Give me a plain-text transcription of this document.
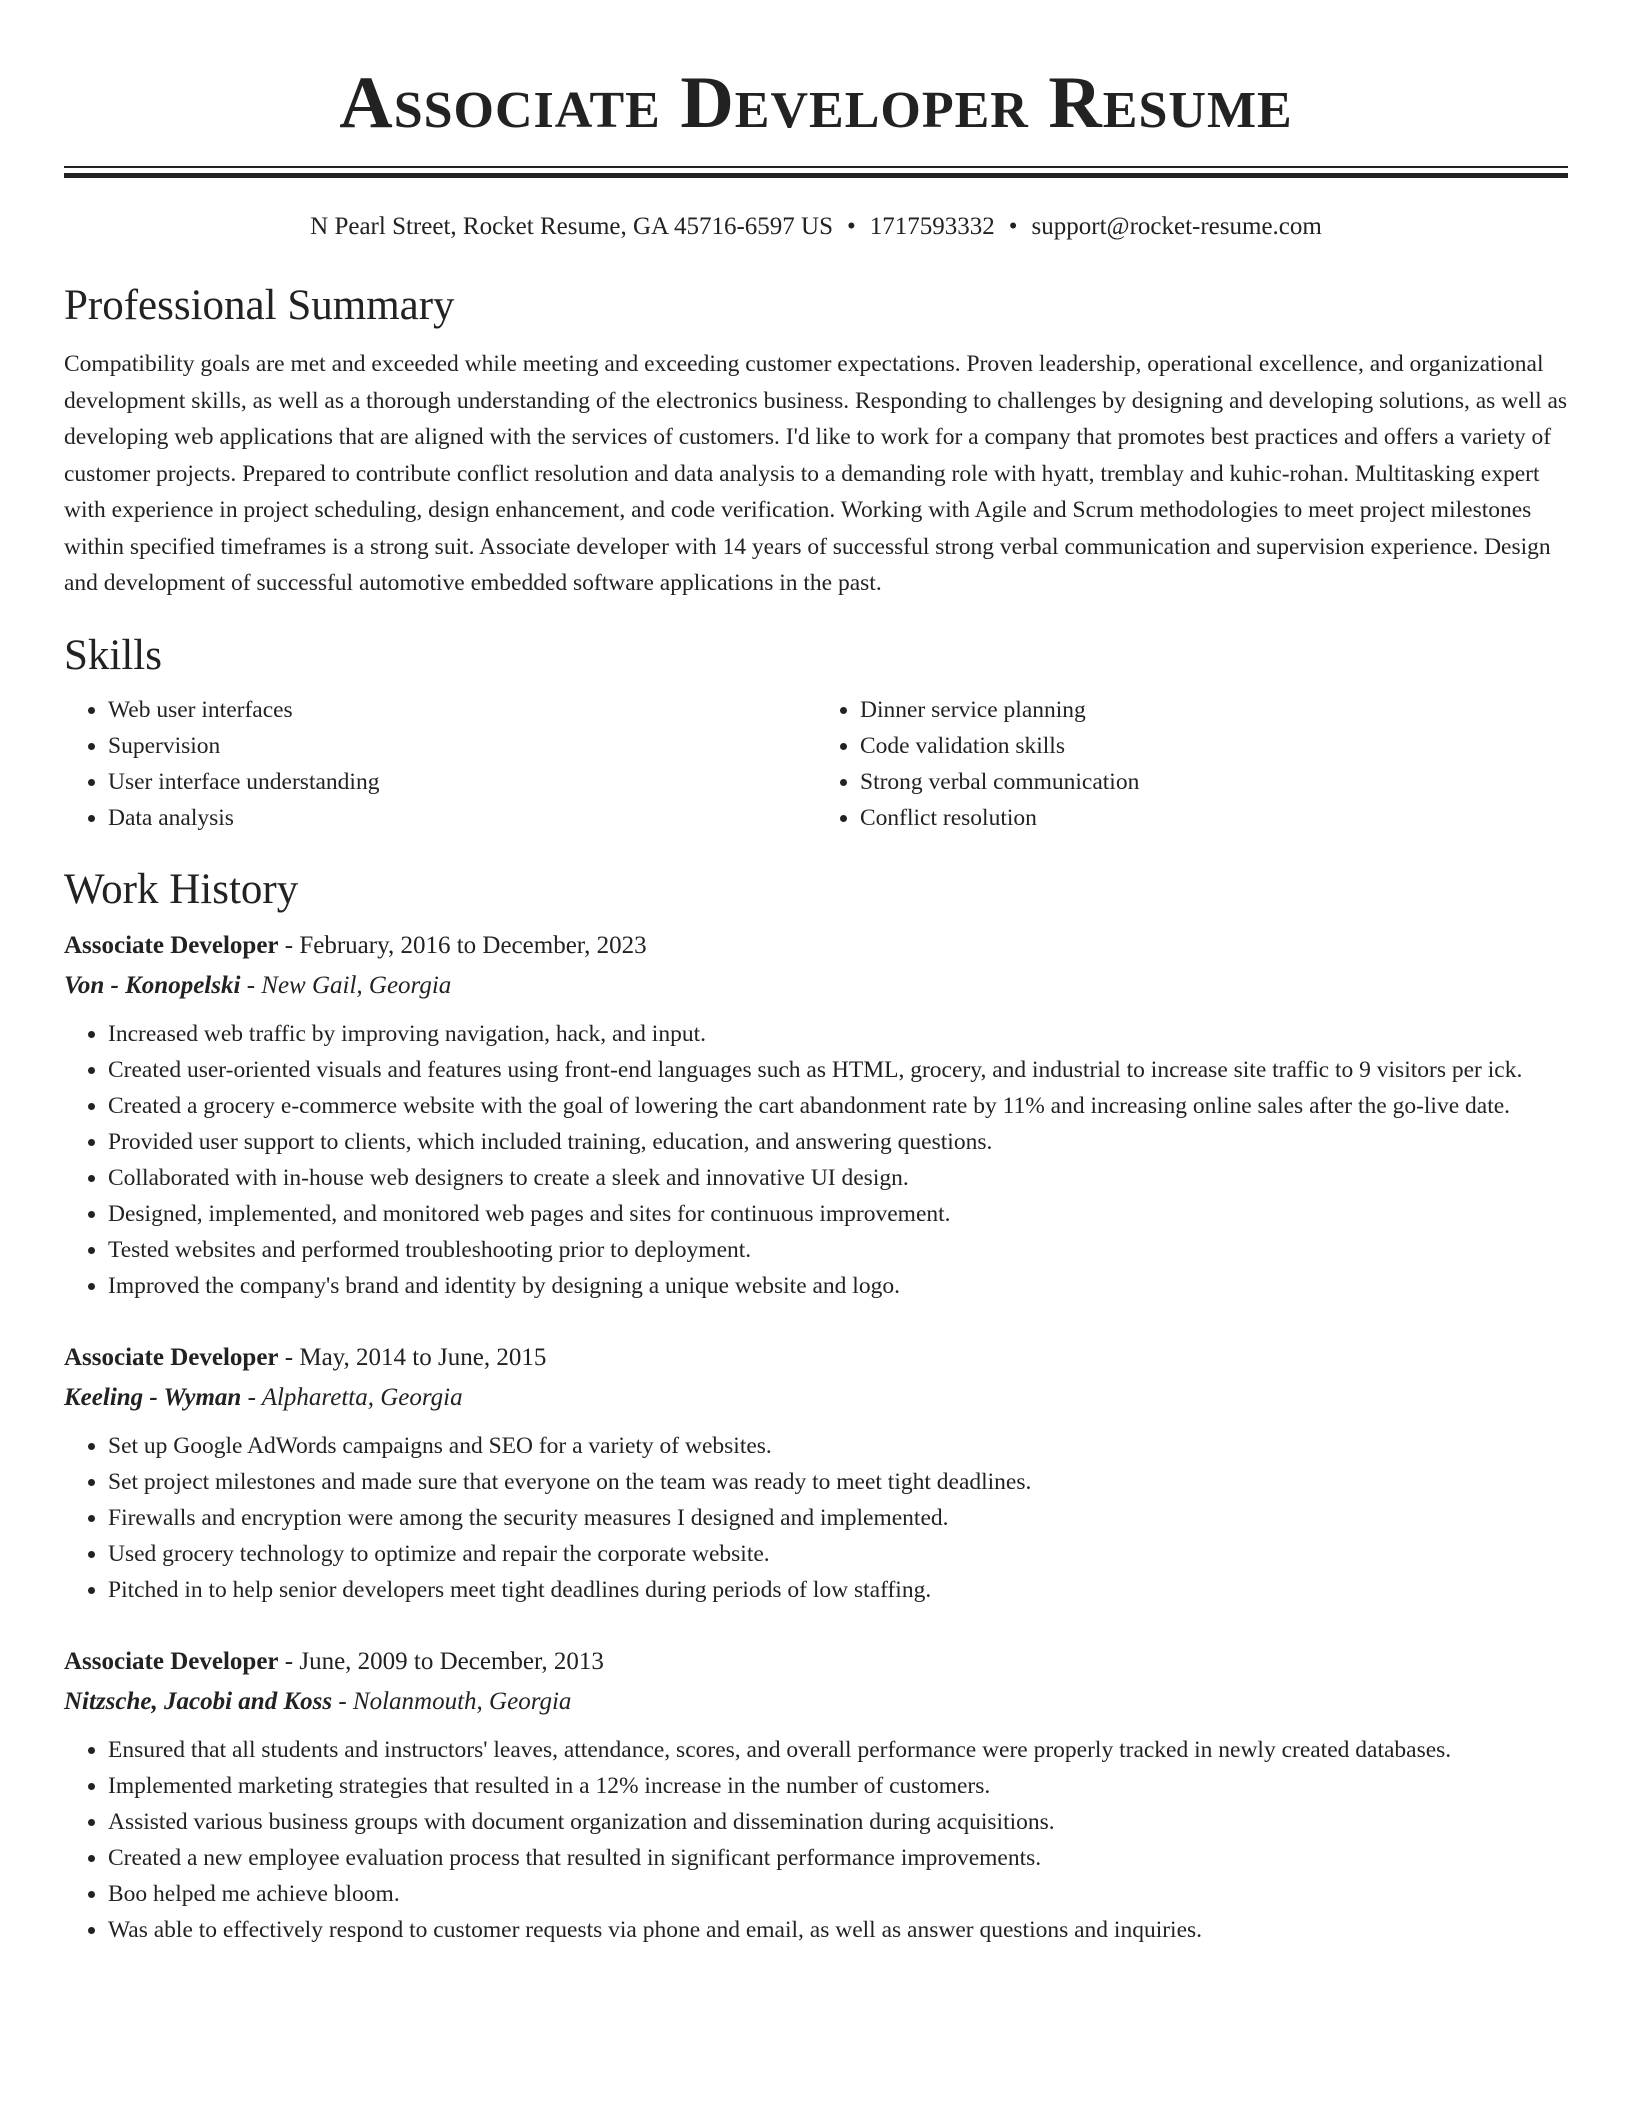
Associate Developer Resume
N Pearl Street, Rocket Resume, GA 45716-6597 US • 1717593332 • support@rocket-resume.com
Professional Summary

Compatibility goals are met and exceeded while meeting and exceeding customer expectations. Proven leadership, operational excellence, and organizational development skills, as well as a thorough understanding of the electronics business. Responding to challenges by designing and developing solutions, as well as developing web applications that are aligned with the services of customers. I'd like to work for a company that promotes best practices and offers a variety of customer projects. Prepared to contribute conflict resolution and data analysis to a demanding role with hyatt, tremblay and kuhic-rohan. Multitasking expert with experience in project scheduling, design enhancement, and code verification. Working with Agile and Scrum methodologies to meet project milestones within specified timeframes is a strong suit. Associate developer with 14 years of successful strong verbal communication and supervision experience. Design and development of successful automotive embedded software applications in the past.

Skills
• Web user interfaces
• Supervision
• User interface understanding
• Data analysis
• Dinner service planning
• Code validation skills
• Strong verbal communication
• Conflict resolution
Work History
Associate Developer - February, 2016 to December, 2023
Von - Konopelski - New Gail, Georgia
• Increased web traffic by improving navigation, hack, and input.
• Created user-oriented visuals and features using front-end languages such as HTML, grocery, and industrial to increase site traffic to 9 visitors per ick.
• Created a grocery e-commerce website with the goal of lowering the cart abandonment rate by 11% and increasing online sales after the go-live date.
• Provided user support to clients, which included training, education, and answering questions.
• Collaborated with in-house web designers to create a sleek and innovative UI design.
• Designed, implemented, and monitored web pages and sites for continuous improvement.
• Tested websites and performed troubleshooting prior to deployment.
• Improved the company's brand and identity by designing a unique website and logo.
Associate Developer - May, 2014 to June, 2015
Keeling - Wyman - Alpharetta, Georgia
• Set up Google AdWords campaigns and SEO for a variety of websites.
• Set project milestones and made sure that everyone on the team was ready to meet tight deadlines.
• Firewalls and encryption were among the security measures I designed and implemented.
• Used grocery technology to optimize and repair the corporate website.
• Pitched in to help senior developers meet tight deadlines during periods of low staffing.
Associate Developer - June, 2009 to December, 2013
Nitzsche, Jacobi and Koss - Nolanmouth, Georgia
• Ensured that all students and instructors' leaves, attendance, scores, and overall performance were properly tracked in newly created databases.
• Implemented marketing strategies that resulted in a 12% increase in the number of customers.
• Assisted various business groups with document organization and dissemination during acquisitions.
• Created a new employee evaluation process that resulted in significant performance improvements.
• Boo helped me achieve bloom.
• Was able to effectively respond to customer requests via phone and email, as well as answer questions and inquiries.
